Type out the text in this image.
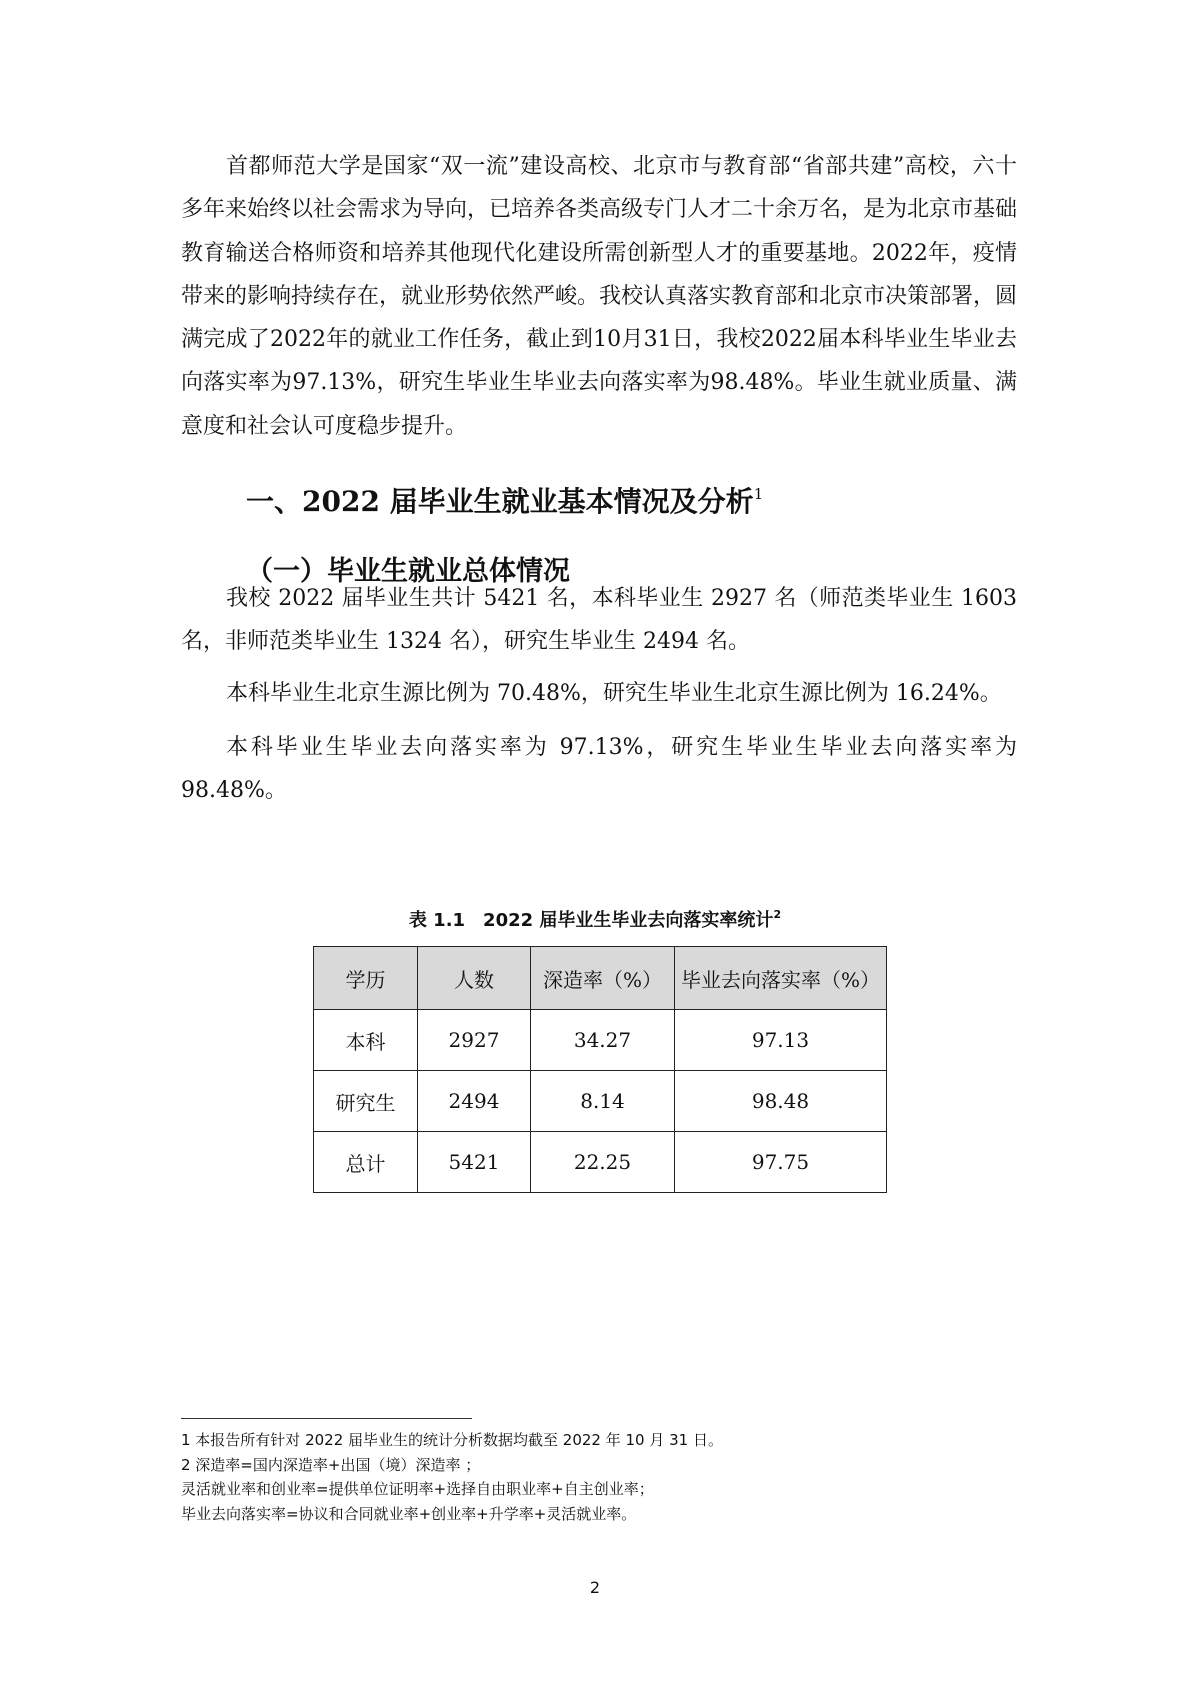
首都师范大学是国家“双一流”建设高校、北京市与教育部“省部共建”高校，六十多年来始终以社会需求为导向，已培养各类高级专门人才二十余万名，是为北京市基础教育输送合格师资和培养其他现代化建设所需创新型人才的重要基地。2022年，疫情带来的影响持续存在，就业形势依然严峻。我校认真落实教育部和北京市决策部署，圆满完成了2022年的就业工作任务，截止到10月31日，我校2022届本科毕业生毕业去向落实率为97.13%，研究生毕业生毕业去向落实率为98.48%。毕业生就业质量、满意度和社会认可度稳步提升。

一、2022 届毕业生就业基本情况及分析$^1$
（一）毕业生就业总体情况

我校 2022 届毕业生共计 5421 名，本科毕业生 2927 名（师范类毕业生 1603 名，非师范类毕业生 1324 名），研究生毕业生 2494 名。

本科毕业生北京生源比例为 70.48%，研究生毕业生北京生源比例为 16.24%。

本科毕业生毕业去向落实率为 97.13%，研究生毕业生毕业去向落实率为 98.48%。

表 1.1　2022 届毕业生毕业去向落实率统计$^2$

学历	人数	深造率（%）	毕业去向落实率（%）
本科	2927	34.27	97.13
研究生	2494	8.14	98.48
总计	5421	22.25	97.75
1 本报告所有针对 2022 届毕业生的统计分析数据均截至 2022 年 10 月 31 日。
2 深造率=国内深造率+出国（境）深造率 ；
灵活就业率和创业率=提供单位证明率+选择自由职业率+自主创业率；
毕业去向落实率=协议和合同就业率+创业率+升学率+灵活就业率。
2
